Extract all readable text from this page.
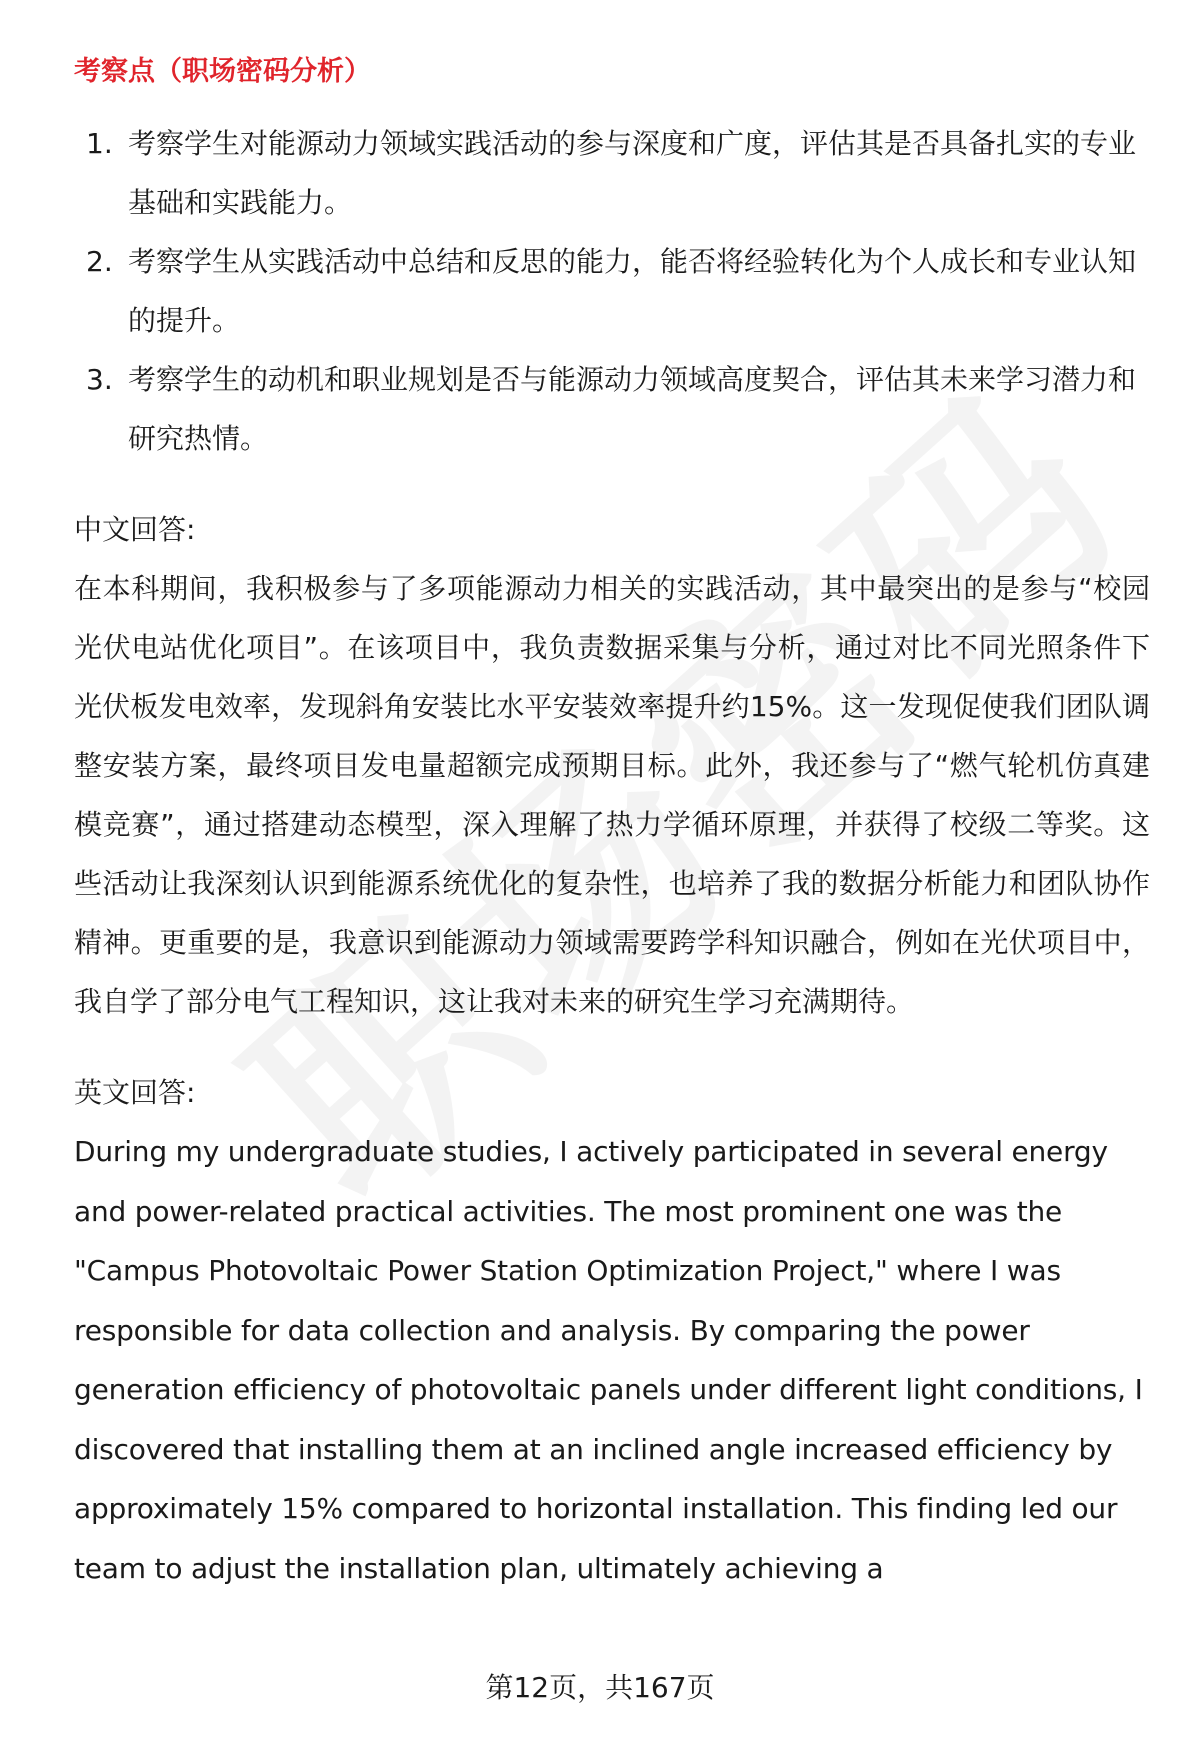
考察点（职场密码分析）
1. 考察学生对能源动力领域实践活动的参与深度和广度，评估其是否具备扎实的专业基础和实践能力。
2. 考察学生从实践活动中总结和反思的能力，能否将经验转化为个人成长和专业认知的提升。
3. 考察学生的动机和职业规划是否与能源动力领域高度契合，评估其未来学习潜力和研究热情。

中文回答:

在本科期间，我积极参与了多项能源动力相关的实践活动，其中最突出的是参与“校园光伏电站优化项目”。在该项目中，我负责数据采集与分析，通过对比不同光照条件下光伏板发电效率，发现斜角安装比水平安装效率提升约15%。这一发现促使我们团队调整安装方案，最终项目发电量超额完成预期目标。此外，我还参与了“燃气轮机仿真建模竞赛”，通过搭建动态模型，深入理解了热力学循环原理，并获得了校级二等奖。这些活动让我深刻认识到能源系统优化的复杂性，也培养了我的数据分析能力和团队协作精神。更重要的是，我意识到能源动力领域需要跨学科知识融合，例如在光伏项目中，我自学了部分电气工程知识，这让我对未来的研究生学习充满期待。

英文回答:

During my undergraduate studies, I actively participated in several energy and power-related practical activities. The most prominent one was the "Campus Photovoltaic Power Station Optimization Project," where I was responsible for data collection and analysis. By comparing the power generation efficiency of photovoltaic panels under different light conditions, I discovered that installing them at an inclined angle increased efficiency by approximately 15% compared to horizontal installation. This finding led our team to adjust the installation plan, ultimately achieving a

第12页，共167页
